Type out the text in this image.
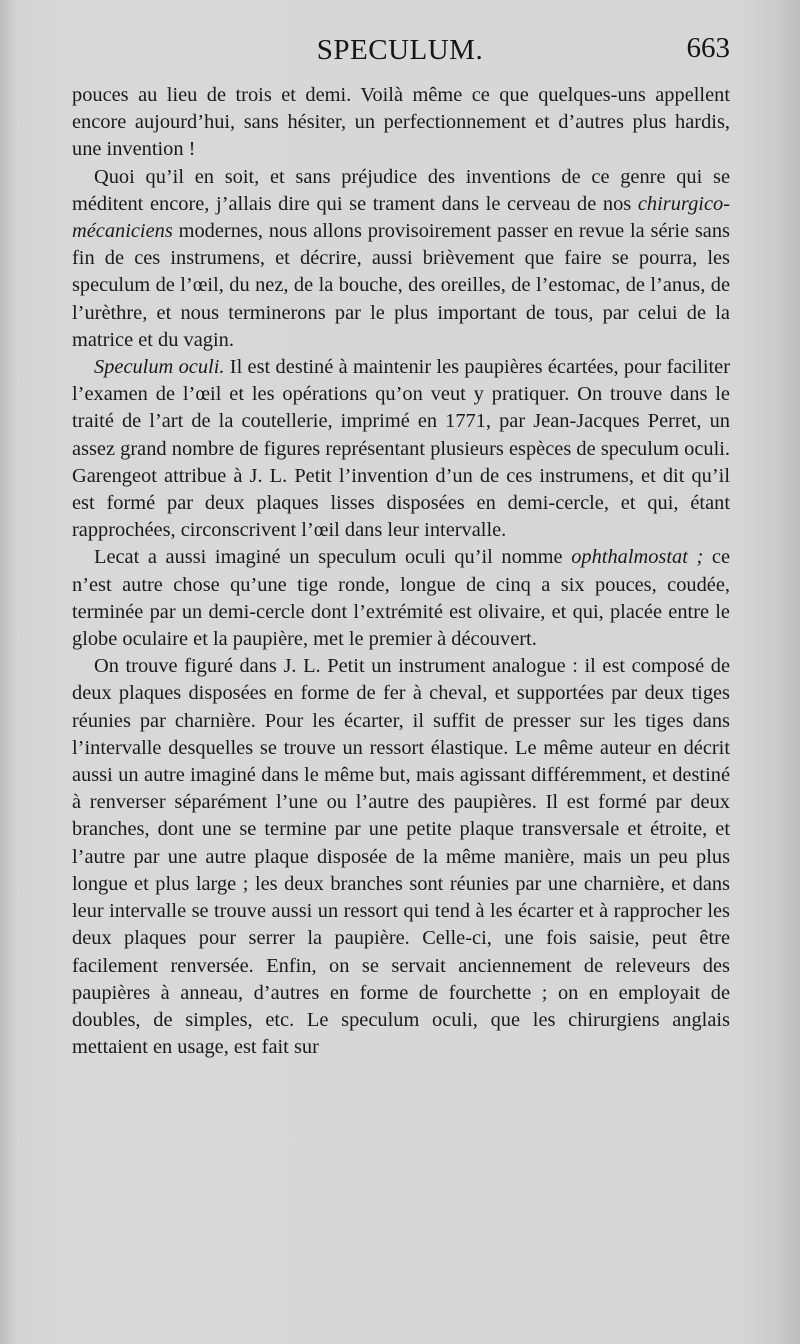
SPECULUM.	663

pouces au lieu de trois et demi. Voilà même ce que quelques-uns appellent encore aujourd’hui, sans hésiter, un perfectionnement et d’autres plus hardis, une invention !

Quoi qu’il en soit, et sans préjudice des inventions de ce genre qui se méditent encore, j’allais dire qui se trament dans le cerveau de nos chirurgico-mécaniciens modernes, nous allons provisoirement passer en revue la série sans fin de ces instrumens, et décrire, aussi brièvement que faire se pourra, les speculum de l’œil, du nez, de la bouche, des oreilles, de l’estomac, de l’anus, de l’urèthre, et nous terminerons par le plus important de tous, par celui de la matrice et du vagin.

Speculum oculi. Il est destiné à maintenir les paupières écartées, pour faciliter l’examen de l’œil et les opérations qu’on veut y pratiquer. On trouve dans le traité de l’art de la coutellerie, imprimé en 1771, par Jean-Jacques Perret, un assez grand nombre de figures représentant plusieurs espèces de speculum oculi. Garengeot attribue à J. L. Petit l’invention d’un de ces instrumens, et dit qu’il est formé par deux plaques lisses disposées en demi-cercle, et qui, étant rapprochées, circonscrivent l’œil dans leur intervalle.

Lecat a aussi imaginé un speculum oculi qu’il nomme ophthalmostat ; ce n’est autre chose qu’une tige ronde, longue de cinq a six pouces, coudée, terminée par un demi-cercle dont l’extrémité est olivaire, et qui, placée entre le globe oculaire et la paupière, met le premier à découvert.

On trouve figuré dans J. L. Petit un instrument analogue : il est composé de deux plaques disposées en forme de fer à cheval, et supportées par deux tiges réunies par charnière. Pour les écarter, il suffit de presser sur les tiges dans l’intervalle desquelles se trouve un ressort élastique. Le même auteur en décrit aussi un autre imaginé dans le même but, mais agissant différemment, et destiné à renverser séparément l’une ou l’autre des paupières. Il est formé par deux branches, dont une se termine par une petite plaque transversale et étroite, et l’autre par une autre plaque disposée de la même manière, mais un peu plus longue et plus large ; les deux branches sont réunies par une charnière, et dans leur intervalle se trouve aussi un ressort qui tend à les écarter et à rapprocher les deux plaques pour serrer la paupière. Celle-ci, une fois saisie, peut être facilement renversée. Enfin, on se servait anciennement de releveurs des paupières à anneau, d’autres en forme de fourchette ; on en employait de doubles, de simples, etc. Le speculum oculi, que les chirurgiens anglais mettaient en usage, est fait sur
